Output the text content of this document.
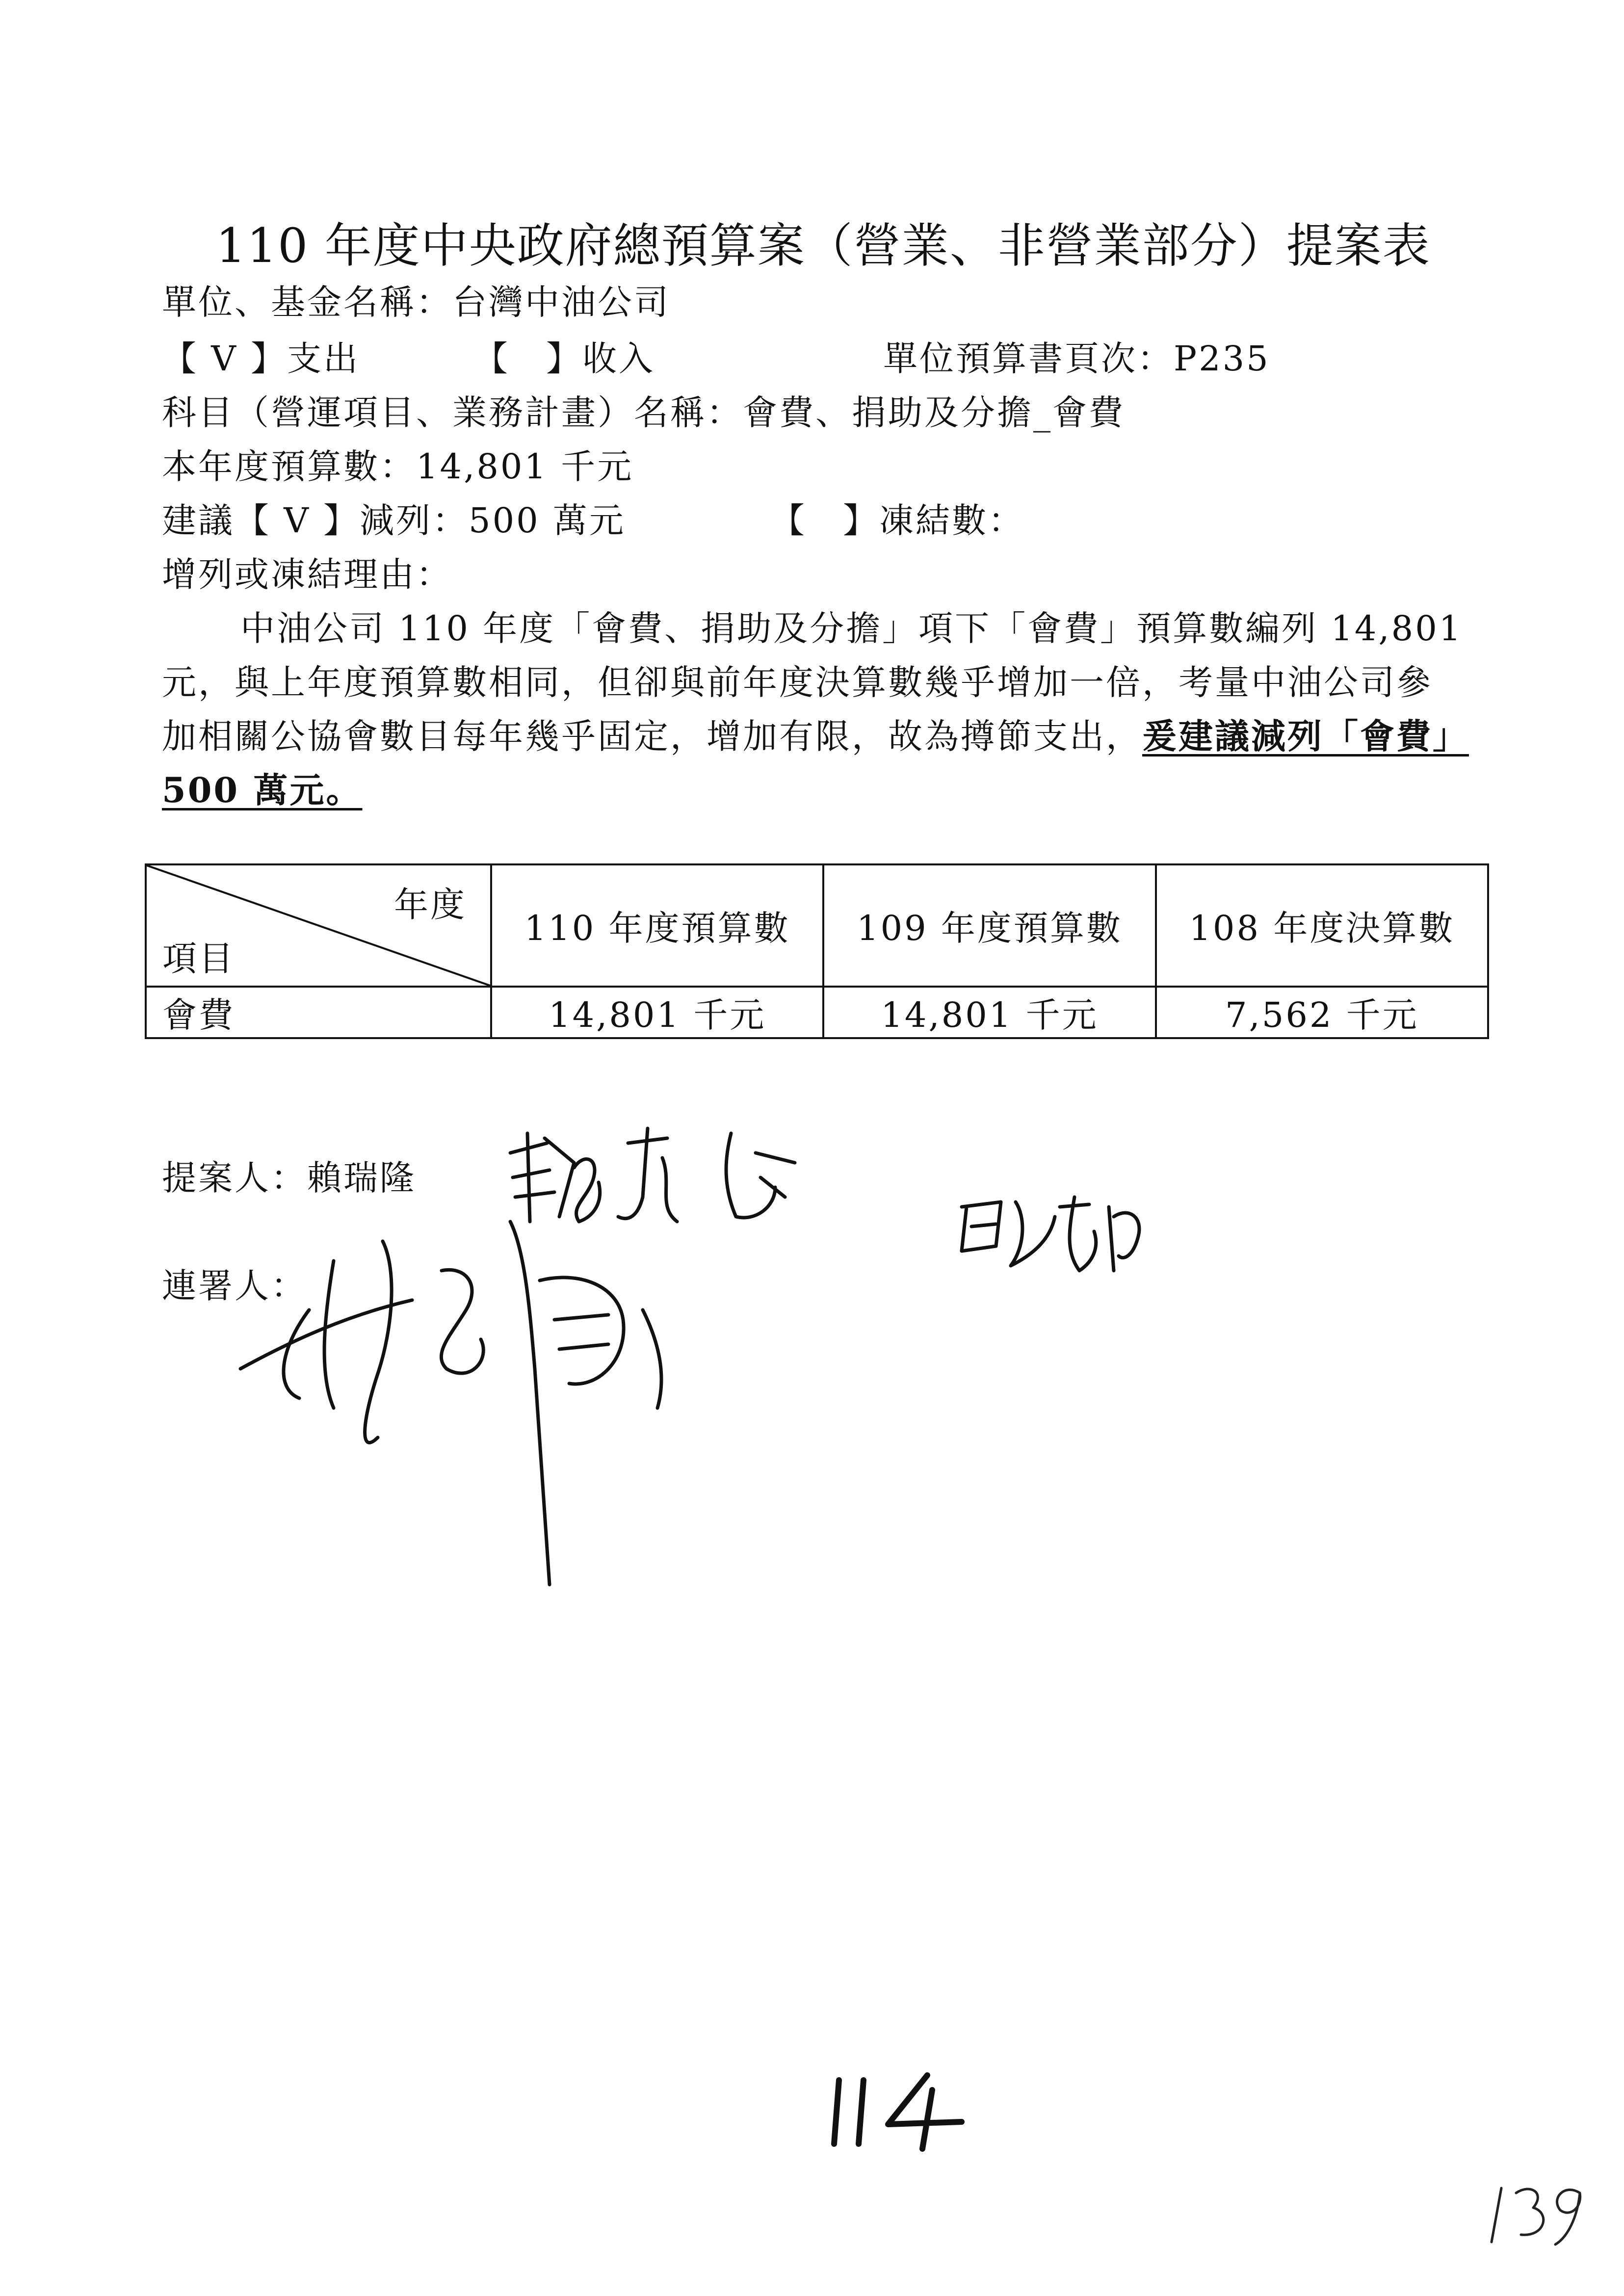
110 年度中央政府總預算案（營業、非營業部分）提案表
單位、基金名稱：台灣中油公司
【 V 】支出	【　】收入	單位預算書頁次：P235
科目（營運項目、業務計畫）名稱：會費、捐助及分擔_會費
本年度預算數：14,801 千元
建議【 V 】減列：500 萬元	【　】凍結數：
增列或凍結理由：
中油公司 110 年度「會費、捐助及分擔」項下「會費」預算數編列 14,801
元，與上年度預算數相同，但卻與前年度決算數幾乎增加一倍，考量中油公司參
加相關公協會數目每年幾乎固定，增加有限，故為撙節支出，爰建議減列「會費」
500 萬元。
年度
項目	110 年度預算數	109 年度預算數	108 年度決算數
會費	14,801 千元	14,801 千元	7,562 千元
提案人：賴瑞隆
連署人：
